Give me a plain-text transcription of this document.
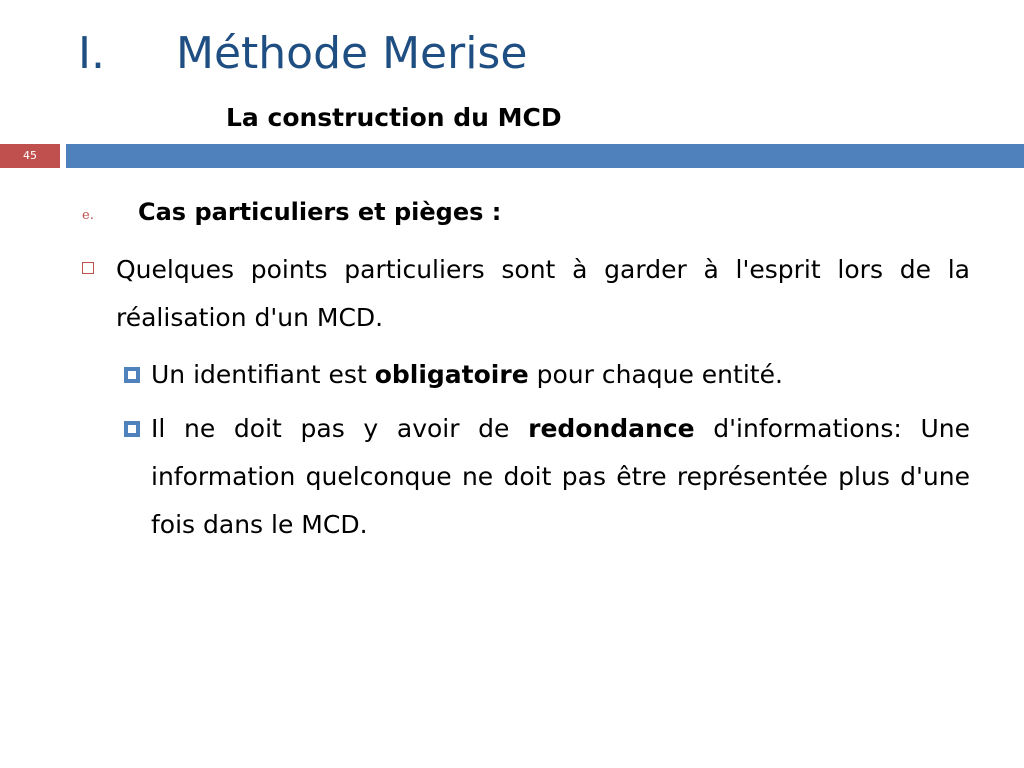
I. Méthode Merise
La construction du MCD
45
e. Cas particuliers et pièges :
Quelques points particuliers sont à garder à l'esprit lors de la réalisation d'un MCD.
Un identifiant est obligatoire pour chaque entité.
Il ne doit pas y avoir de redondance d'informations: Une information quelconque ne doit pas être représentée plus d'une fois dans le MCD.
